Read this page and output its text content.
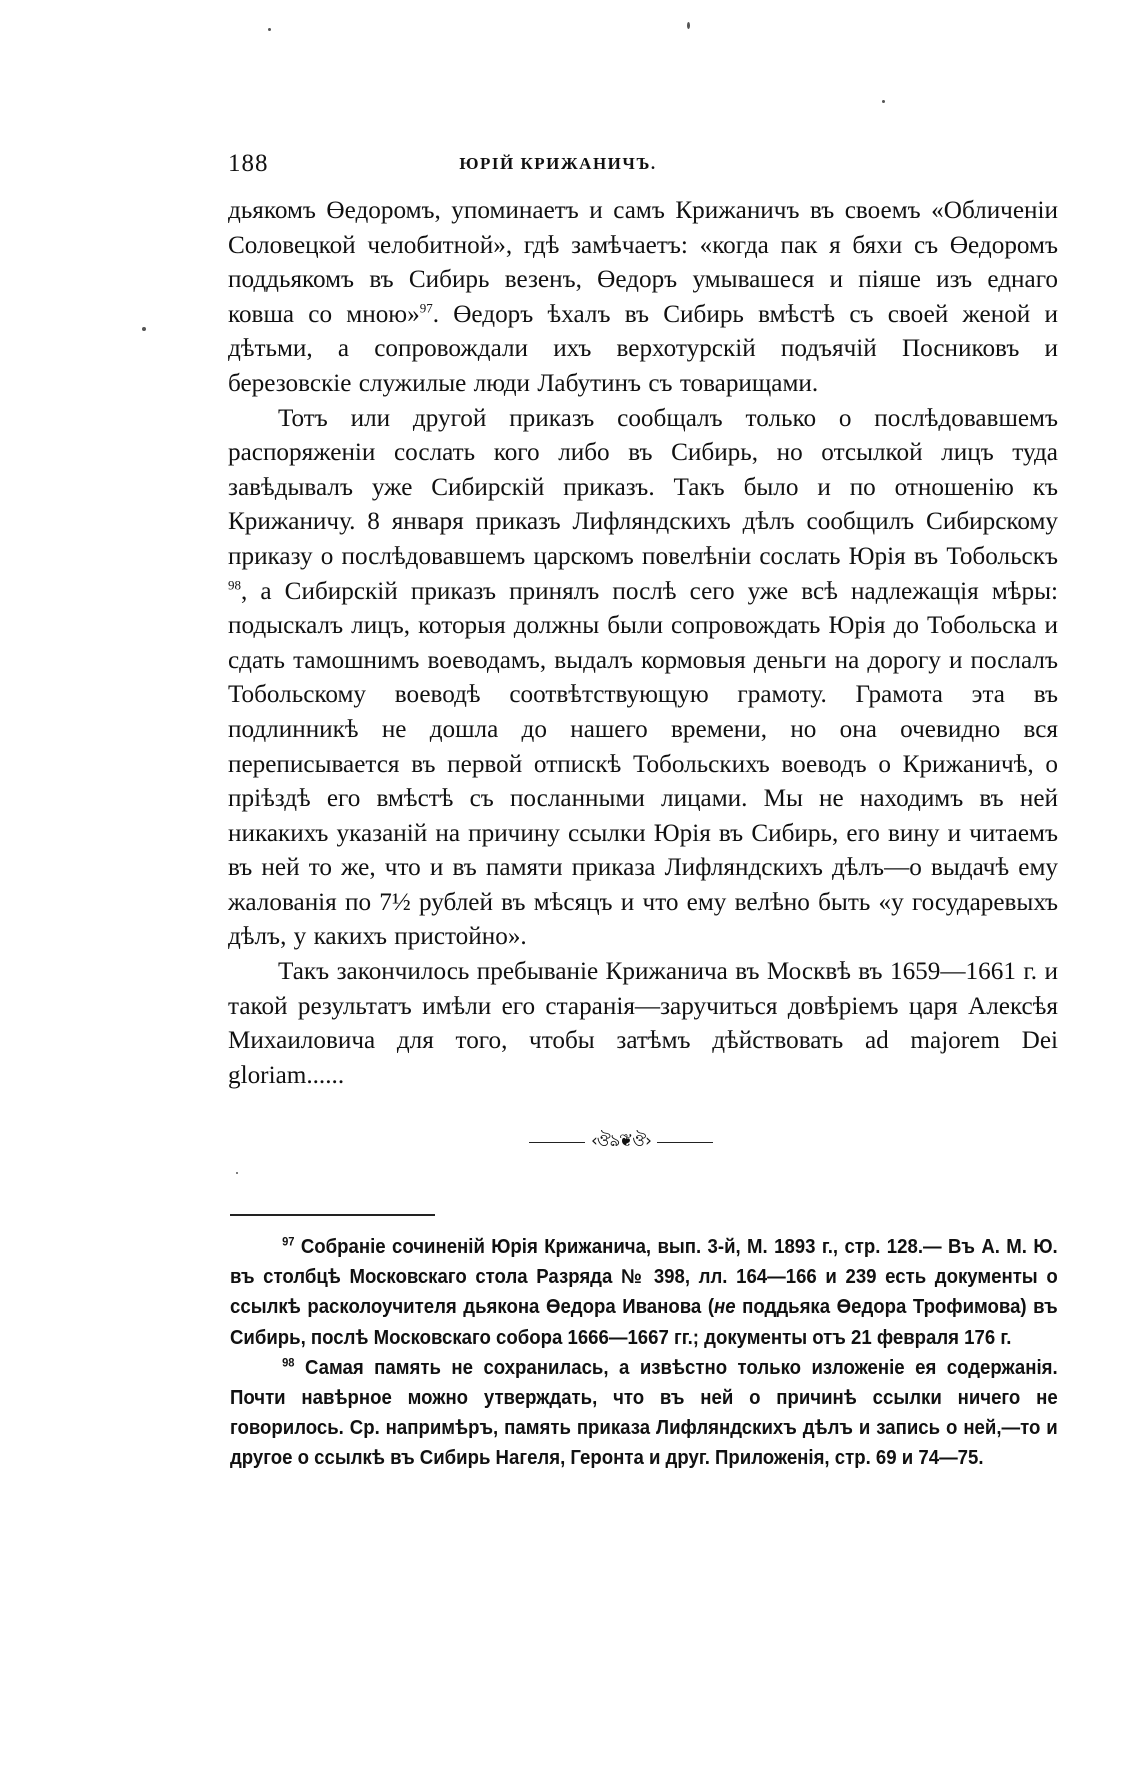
188	ЮРІЙ КРИЖАНИЧЪ.

дьякомъ Өедоромъ, упоминаетъ и самъ Крижаничъ въ своемъ «Обличеніи Соловецкой челобитной», гдѣ замѣчаетъ: «когда пак я бяхи съ Өедоромъ поддьякомъ въ Сибирь везенъ, Өедоръ умывашеся и піяше изъ еднаго ковша со мною»$^{97}$. Өедоръ ѣхалъ въ Сибирь вмѣстѣ съ своей женой и дѣтьми, а сопровождали ихъ верхотурскій подъячій Посниковъ и березовскіе служилые люди Лабутинъ съ товарищами.

Тотъ или другой приказъ сообщалъ только о послѣдовавшемъ распоряженіи сослать кого либо въ Сибирь, но отсылкой лицъ туда завѣдывалъ уже Сибирскій приказъ. Такъ было и по отношенію къ Крижаничу. 8 января приказъ Лифляндскихъ дѣлъ сообщилъ Сибирскому приказу о послѣдовавшемъ царскомъ повелѣніи сослать Юрія въ Тобольскъ $^{98}$, а Сибирскій приказъ принялъ послѣ сего уже всѣ надлежащія мѣры: подыскалъ лицъ, которыя должны были сопровождать Юрія до Тобольска и сдать тамошнимъ воеводамъ, выдалъ кормовыя деньги на дорогу и послалъ Тобольскому воеводѣ соотвѣтствующую грамоту. Грамота эта въ подлинникѣ не дошла до нашего времени, но она очевидно вся переписывается въ первой отпискѣ Тобольскихъ воеводъ о Крижаничѣ, о пріѣздѣ его вмѣстѣ съ посланными лицами. Мы не находимъ въ ней никакихъ указаній на причину ссылки Юрія въ Сибирь, его вину и читаемъ въ ней то же, что и въ памяти приказа Лифляндскихъ дѣлъ—о выдачѣ ему жалованія по 7½ рублей въ мѣсяцъ и что ему велѣно быть «у государевыхъ дѣлъ, у какихъ пристойно».

Такъ закончилось пребываніе Крижанича въ Москвѣ въ 1659—1661 г. и такой результатъ имѣли его старанія—заручиться довѣріемъ царя Алексѣя Михаиловича для того, чтобы затѣмъ дѣйствовать ad majorem Dei gloriam......

‹ঔঌ❦ঔ›

$^{97}$ Собраніе сочиненій Юрія Крижанича, вып. 3-й, М. 1893 г., стр. 128.— Въ А. М. Ю. въ столбцѣ Московскаго стола Разряда № 398, лл. 164—166 и 239 есть документы о ссылкѣ расколоучителя дьякона Өедора Иванова (не поддьяка Өедора Трофимова) въ Сибирь, послѣ Московскаго собора 1666—1667 гг.; документы отъ 21 февраля 176 г.

$^{98}$ Самая память не сохранилась, а извѣстно только изложеніе ея содержанія. Почти навѣрное можно утверждать, что въ ней о причинѣ ссылки ничего не говорилось. Ср. напримѣръ, память приказа Лифляндскихъ дѣлъ и запись о ней,—то и другое о ссылкѣ въ Сибирь Нагеля, Геронта и друг. Приложенія, стр. 69 и 74—75.
